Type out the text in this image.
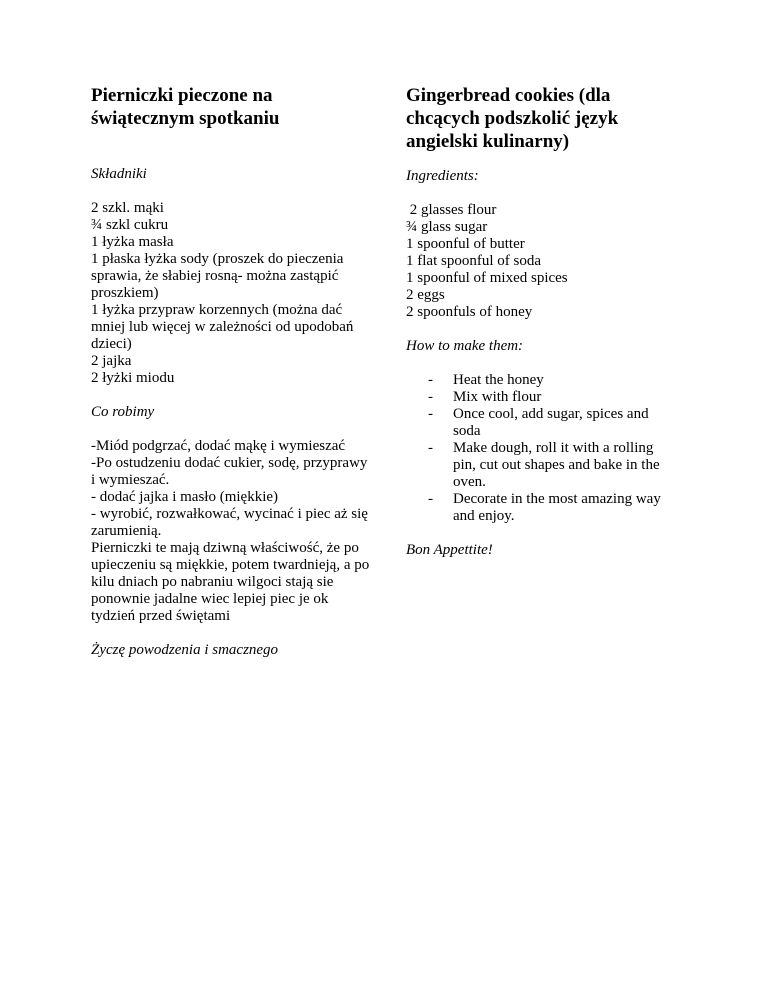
Pierniczki pieczone na świątecznym spotkaniu

Składniki

2 szkl. mąki
¾ szkl cukru
1 łyżka masła
1 płaska łyżka sody (proszek do pieczenia sprawia, że słabiej rosną- można zastąpić proszkiem)
1 łyżka przypraw korzennych (można dać mniej lub więcej w zależności od upodobań dzieci)
2 jajka
2 łyżki miodu

Co robimy

-Miód podgrzać, dodać mąkę i wymieszać
-Po ostudzeniu dodać cukier, sodę, przyprawy i wymieszać.
- dodać jajka i masło (miękkie)
- wyrobić, rozwałkować, wycinać i piec aż się zarumienią.
Pierniczki te mają dziwną właściwość, że po upieczeniu są miękkie, potem twardnieją, a po kilu dniach po nabraniu wilgoci stają sie ponownie jadalne wiec lepiej piec je ok tydzień przed świętami

Życzę powodzenia i smacznego

Gingerbread cookies (dla chcących podszkolić język angielski kulinarny)

Ingredients:

2 glasses flour
¾ glass sugar
1 spoonful of butter
1 flat spoonful of soda
1 spoonful of mixed spices
2 eggs
2 spoonfuls of honey

How to make them:

- Heat the honey
- Mix with flour
- Once cool, add sugar, spices and soda
- Make dough, roll it with a rolling pin, cut out shapes and bake in the oven.
- Decorate in the most amazing way and enjoy.

Bon Appettite!
